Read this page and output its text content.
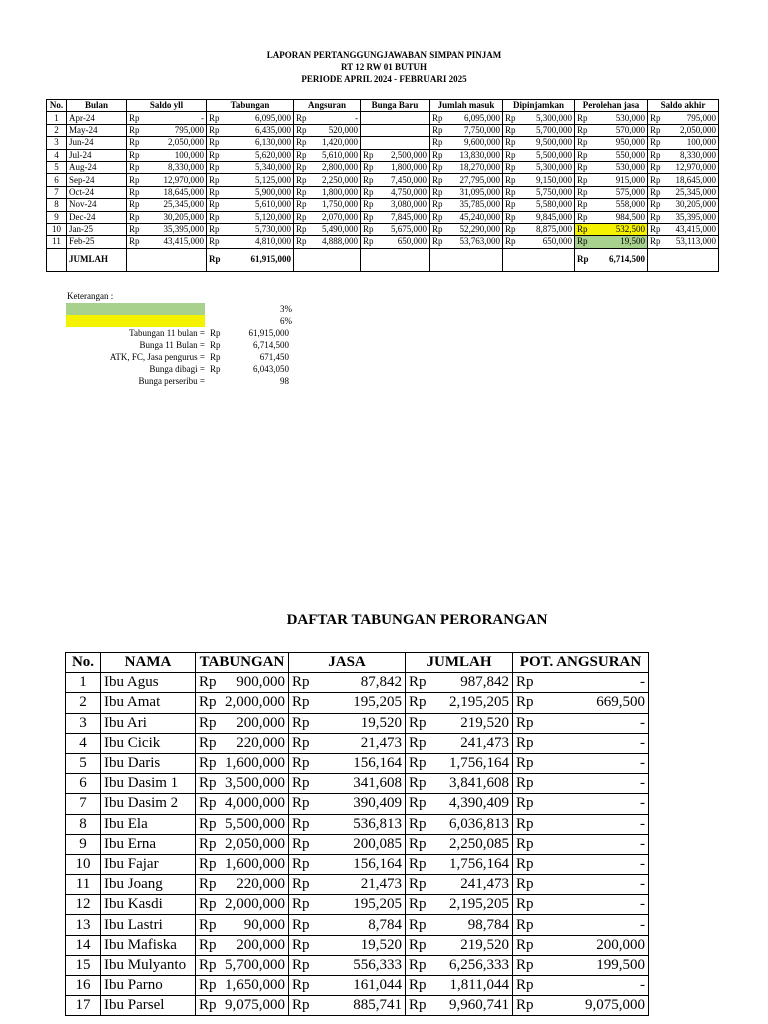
LAPORAN PERTANGGUNGJAWABAN SIMPAN PINJAM
RT 12 RW 01 BUTUH
PERIODE APRIL 2024 - FEBRUARI 2025
No.	Bulan	Saldo yll		Tabungan		Angsuran		Bunga Baru		Jumlah masuk		Dipinjamkan		Perolehan jasa		Saldo akhir	
1	Apr-24	Rp	-	Rp	6,095,000	Rp	-			Rp	6,095,000	Rp	5,300,000	Rp	530,000	Rp	795,000
2	May-24	Rp	795,000	Rp	6,435,000	Rp	520,000			Rp	7,750,000	Rp	5,700,000	Rp	570,000	Rp	2,050,000
3	Jun-24	Rp	2,050,000	Rp	6,130,000	Rp	1,420,000			Rp	9,600,000	Rp	9,500,000	Rp	950,000	Rp	100,000
4	Jul-24	Rp	100,000	Rp	5,620,000	Rp	5,610,000	Rp	2,500,000	Rp	13,830,000	Rp	5,500,000	Rp	550,000	Rp	8,330,000
5	Aug-24	Rp	8,330,000	Rp	5,340,000	Rp	2,800,000	Rp	1,800,000	Rp	18,270,000	Rp	5,300,000	Rp	530,000	Rp	12,970,000
6	Sep-24	Rp	12,970,000	Rp	5,125,000	Rp	2,250,000	Rp	7,450,000	Rp	27,795,000	Rp	9,150,000	Rp	915,000	Rp	18,645,000
7	Oct-24	Rp	18,645,000	Rp	5,900,000	Rp	1,800,000	Rp	4,750,000	Rp	31,095,000	Rp	5,750,000	Rp	575,000	Rp	25,345,000
8	Nov-24	Rp	25,345,000	Rp	5,610,000	Rp	1,750,000	Rp	3,080,000	Rp	35,785,000	Rp	5,580,000	Rp	558,000	Rp	30,205,000
9	Dec-24	Rp	30,205,000	Rp	5,120,000	Rp	2,070,000	Rp	7,845,000	Rp	45,240,000	Rp	9,845,000	Rp	984,500	Rp	35,395,000
10	Jan-25	Rp	35,395,000	Rp	5,730,000	Rp	5,490,000	Rp	5,675,000	Rp	52,290,000	Rp	8,875,000	Rp	532,500	Rp	43,415,000
11	Feb-25	Rp	43,415,000	Rp	4,810,000	Rp	4,888,000	Rp	650,000	Rp	53,763,000	Rp	650,000	Rp	19,500	Rp	53,113,000
	JUMLAH			Rp	61,915,000									Rp	6,714,500		
Keterangan :
3%
6%
Tabungan 11 bulan = Rp	61,915,000
Bunga 11 Bulan = Rp	6,714,500
ATK, FC, Jasa pengurus = Rp	671,450
Bunga dibagi = Rp	6,043,050
Bunga perseribu =	98
DAFTAR TABUNGAN PERORANGAN
No.	NAMA	TABUNGAN		JASA		JUMLAH		POT. ANGSURAN	
1	Ibu Agus	Rp	900,000	Rp	87,842	Rp	987,842	Rp	-
2	Ibu Amat	Rp	2,000,000	Rp	195,205	Rp	2,195,205	Rp	669,500
3	Ibu Ari	Rp	200,000	Rp	19,520	Rp	219,520	Rp	-
4	Ibu Cicik	Rp	220,000	Rp	21,473	Rp	241,473	Rp	-
5	Ibu Daris	Rp	1,600,000	Rp	156,164	Rp	1,756,164	Rp	-
6	Ibu Dasim 1	Rp	3,500,000	Rp	341,608	Rp	3,841,608	Rp	-
7	Ibu Dasim 2	Rp	4,000,000	Rp	390,409	Rp	4,390,409	Rp	-
8	Ibu Ela	Rp	5,500,000	Rp	536,813	Rp	6,036,813	Rp	-
9	Ibu Erna	Rp	2,050,000	Rp	200,085	Rp	2,250,085	Rp	-
10	Ibu Fajar	Rp	1,600,000	Rp	156,164	Rp	1,756,164	Rp	-
11	Ibu Joang	Rp	220,000	Rp	21,473	Rp	241,473	Rp	-
12	Ibu Kasdi	Rp	2,000,000	Rp	195,205	Rp	2,195,205	Rp	-
13	Ibu Lastri	Rp	90,000	Rp	8,784	Rp	98,784	Rp	-
14	Ibu Mafiska	Rp	200,000	Rp	19,520	Rp	219,520	Rp	200,000
15	Ibu Mulyanto	Rp	5,700,000	Rp	556,333	Rp	6,256,333	Rp	199,500
16	Ibu Parno	Rp	1,650,000	Rp	161,044	Rp	1,811,044	Rp	-
17	Ibu Parsel	Rp	9,075,000	Rp	885,741	Rp	9,960,741	Rp	9,075,000
